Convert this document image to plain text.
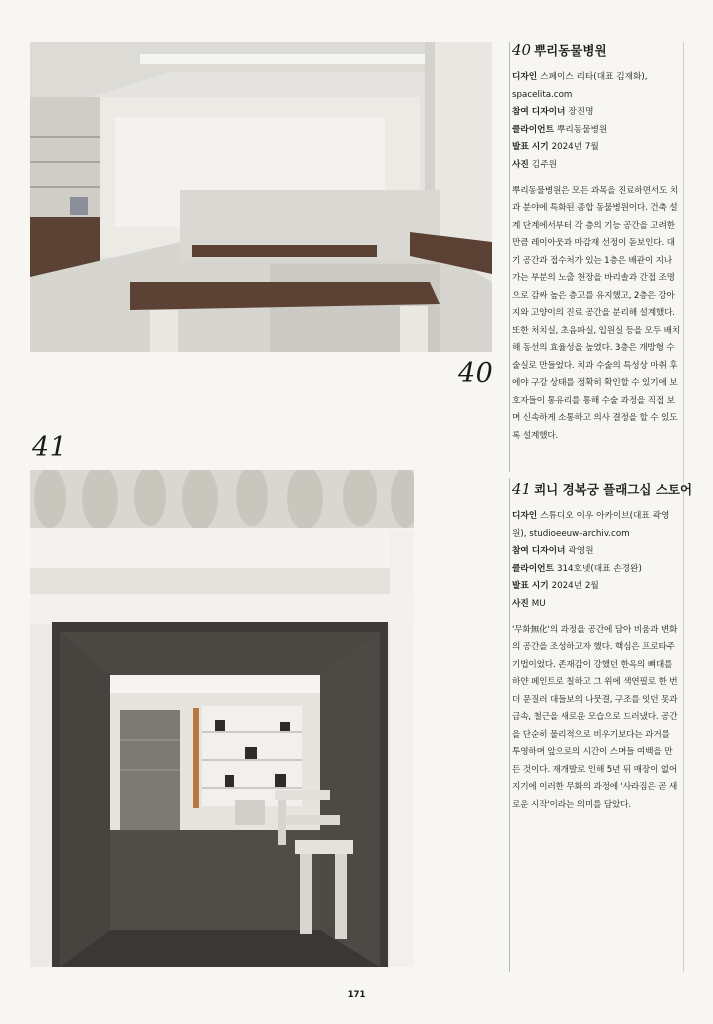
40
41
40 뿌리동물병원
디자인 스페이스 리타(대표 김재화), spacelita.com
참여 디자이너 장진명
클라이언트 뿌리동물병원
발표 시기 2024년 7월
사진 김주원
뿌리동물병원은 모든 과목을 진료하면서도 치과 분야에 특화된 종합 동물병원이다. 건축 설계 단계에서부터 각 층의 기능 공간을 고려한 만큼 레이아웃과 마감재 선정이 돋보인다. 대기 공간과 접수처가 있는 1층은 배관이 지나가는 부분의 노출 천장을 바리솔과 간접 조명으로 감싸 높은 층고를 유지했고, 2층은 강아지와 고양이의 진료 공간을 분리해 설계했다. 또한 처치실, 초음파실, 입원실 등을 모두 배치해 동선의 효율성을 높였다. 3층은 개방형 수술실로 만들었다. 치과 수술의 특성상 마취 후에야 구강 상태를 정확히 확인할 수 있기에 보호자들이 통유리를 통해 수술 과정을 직접 보며 신속하게 소통하고 의사 결정을 할 수 있도록 설계했다.
41 쾨니 경복궁 플래그십 스토어
디자인 스튜디오 이우 아카이브(대표 곽영원), studioeeuw-archiv.com
참여 디자이너 곽영원
클라이언트 314호넷(대표 손경완)
발표 시기 2024년 2월
사진 MU
'무화無化'의 과정을 공간에 담아 비움과 변화의 공간을 조성하고자 했다. 핵심은 프로타주 기법이었다. 존재감이 강했던 한옥의 뼈대를 하얀 페인트로 칠하고 그 위에 색연필로 한 번 더 문질러 대들보의 나뭇결, 구조를 잇던 못과 금속, 철근을 새로운 모습으로 드러냈다. 공간을 단순히 물리적으로 비우기보다는 과거를 투영하며 앞으로의 시간이 스며들 여백을 만든 것이다. 재개발로 인해 5년 뒤 매장이 없어지기에 이러한 무화의 과정에 '사라짐은 곧 새로운 시작'이라는 의미를 담았다.
171
